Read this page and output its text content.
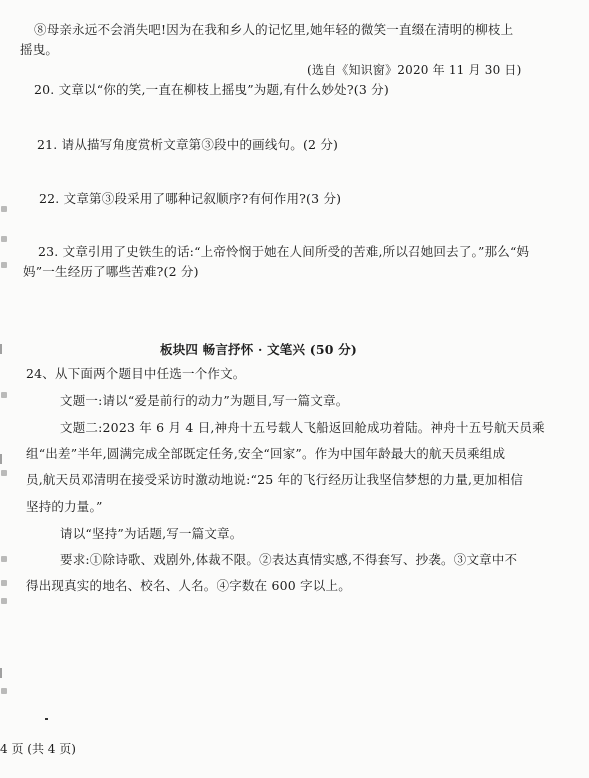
⑧母亲永远不会消失吧!因为在我和乡人的记忆里,她年轻的微笑一直缀在清明的柳枝上
摇曳。
(选自《知识窗》2020 年 11 月 30 日)
20. 文章以“你的笑,一直在柳枝上摇曳”为题,有什么妙处?(3 分)
21. 请从描写角度赏析文章第③段中的画线句。(2 分)
22. 文章第③段采用了哪种记叙顺序?有何作用?(3 分)
23. 文章引用了史铁生的话:“上帝怜悯于她在人间所受的苦难,所以召她回去了。”那么“妈
妈”一生经历了哪些苦难?(2 分)
板块四 畅言抒怀 · 文笔兴 (50 分)
24、从下面两个题目中任选一个作文。
文题一:请以“爱是前行的动力”为题目,写一篇文章。
文题二:2023 年 6 月 4 日,神舟十五号载人飞船返回舱成功着陆。神舟十五号航天员乘
组“出差”半年,圆满完成全部既定任务,安全“回家”。作为中国年龄最大的航天员乘组成
员,航天员邓清明在接受采访时激动地说:“25 年的飞行经历让我坚信梦想的力量,更加相信
坚持的力量。”
请以“坚持”为话题,写一篇文章。
要求:①除诗歌、戏剧外,体裁不限。②表达真情实感,不得套写、抄袭。③文章中不
得出现真实的地名、校名、人名。④字数在 600 字以上。
4 页 (共 4 页)
